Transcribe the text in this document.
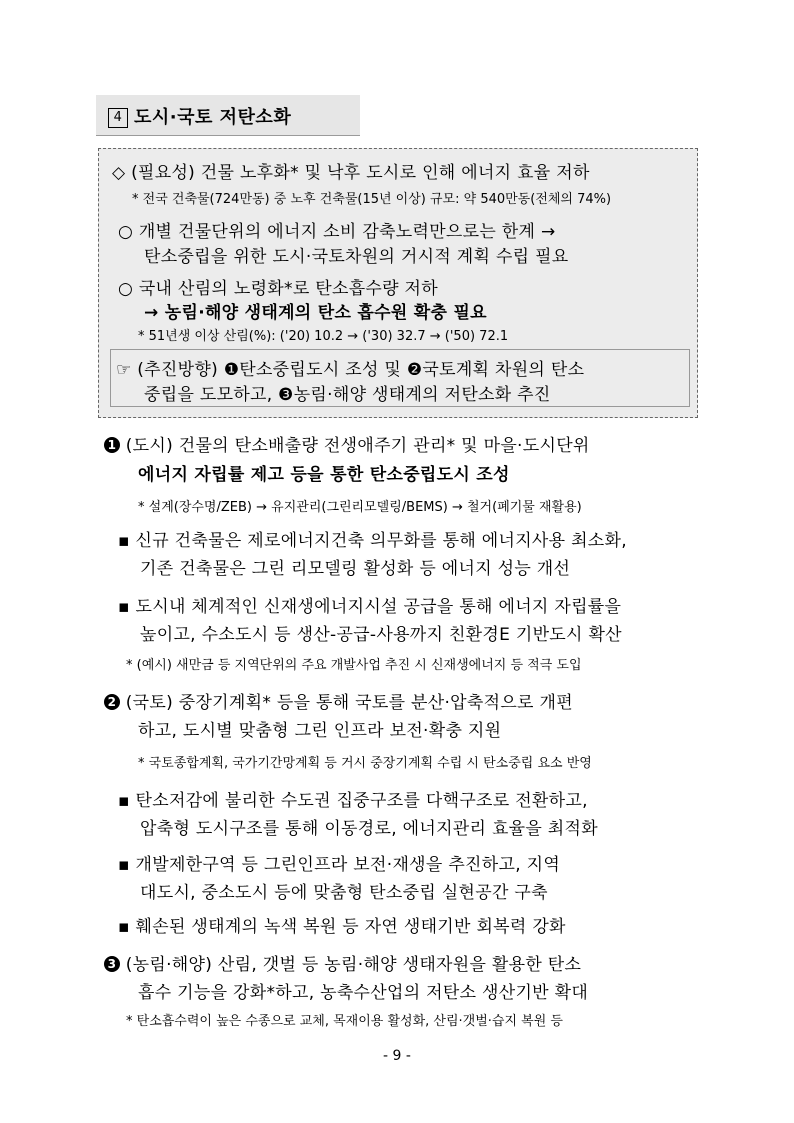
4 도시·국토 저탄소화
◇ (필요성) 건물 노후화* 및 낙후 도시로 인해 에너지 효율 저하
* 전국 건축물(724만동) 중 노후 건축물(15년 이상) 규모: 약 540만동(전체의 74%)
○ 개별 건물단위의 에너지 소비 감축노력만으로는 한계 →
탄소중립을 위한 도시·국토차원의 거시적 계획 수립 필요
○ 국내 산림의 노령화*로 탄소흡수량 저하
→ 농림·해양 생태계의 탄소 흡수원 확충 필요
* 51년생 이상 산림(%): ('20) 10.2 → ('30) 32.7 → ('50) 72.1
☞ (추진방향) ❶탄소중립도시 조성 및 ❷국토계획 차원의 탄소
중립을 도모하고, ❸농림·해양 생태계의 저탄소화 추진
1 (도시) 건물의 탄소배출량 전생애주기 관리* 및 마을·도시단위
에너지 자립률 제고 등을 통한 탄소중립도시 조성
* 설계(장수명/ZEB) → 유지관리(그린리모델링/BEMS) → 철거(폐기물 재활용)
▪ 신규 건축물은 제로에너지건축 의무화를 통해 에너지사용 최소화,
기존 건축물은 그린 리모델링 활성화 등 에너지 성능 개선
▪ 도시내 체계적인 신재생에너지시설 공급을 통해 에너지 자립률을
높이고, 수소도시 등 생산-공급-사용까지 친환경E 기반도시 확산
* (예시) 새만금 등 지역단위의 주요 개발사업 추진 시 신재생에너지 등 적극 도입
2 (국토) 중장기계획* 등을 통해 국토를 분산·압축적으로 개편
하고, 도시별 맞춤형 그린 인프라 보전·확충 지원
* 국토종합계획, 국가기간망계획 등 거시 중장기계획 수립 시 탄소중립 요소 반영
▪ 탄소저감에 불리한 수도권 집중구조를 다핵구조로 전환하고,
압축형 도시구조를 통해 이동경로, 에너지관리 효율을 최적화
▪ 개발제한구역 등 그린인프라 보전·재생을 추진하고, 지역
대도시, 중소도시 등에 맞춤형 탄소중립 실현공간 구축
▪ 훼손된 생태계의 녹색 복원 등 자연 생태기반 회복력 강화
3 (농림·해양) 산림, 갯벌 등 농림·해양 생태자원을 활용한 탄소
흡수 기능을 강화*하고, 농축수산업의 저탄소 생산기반 확대
* 탄소흡수력이 높은 수종으로 교체, 목재이용 활성화, 산림·갯벌·습지 복원 등
- 9 -
